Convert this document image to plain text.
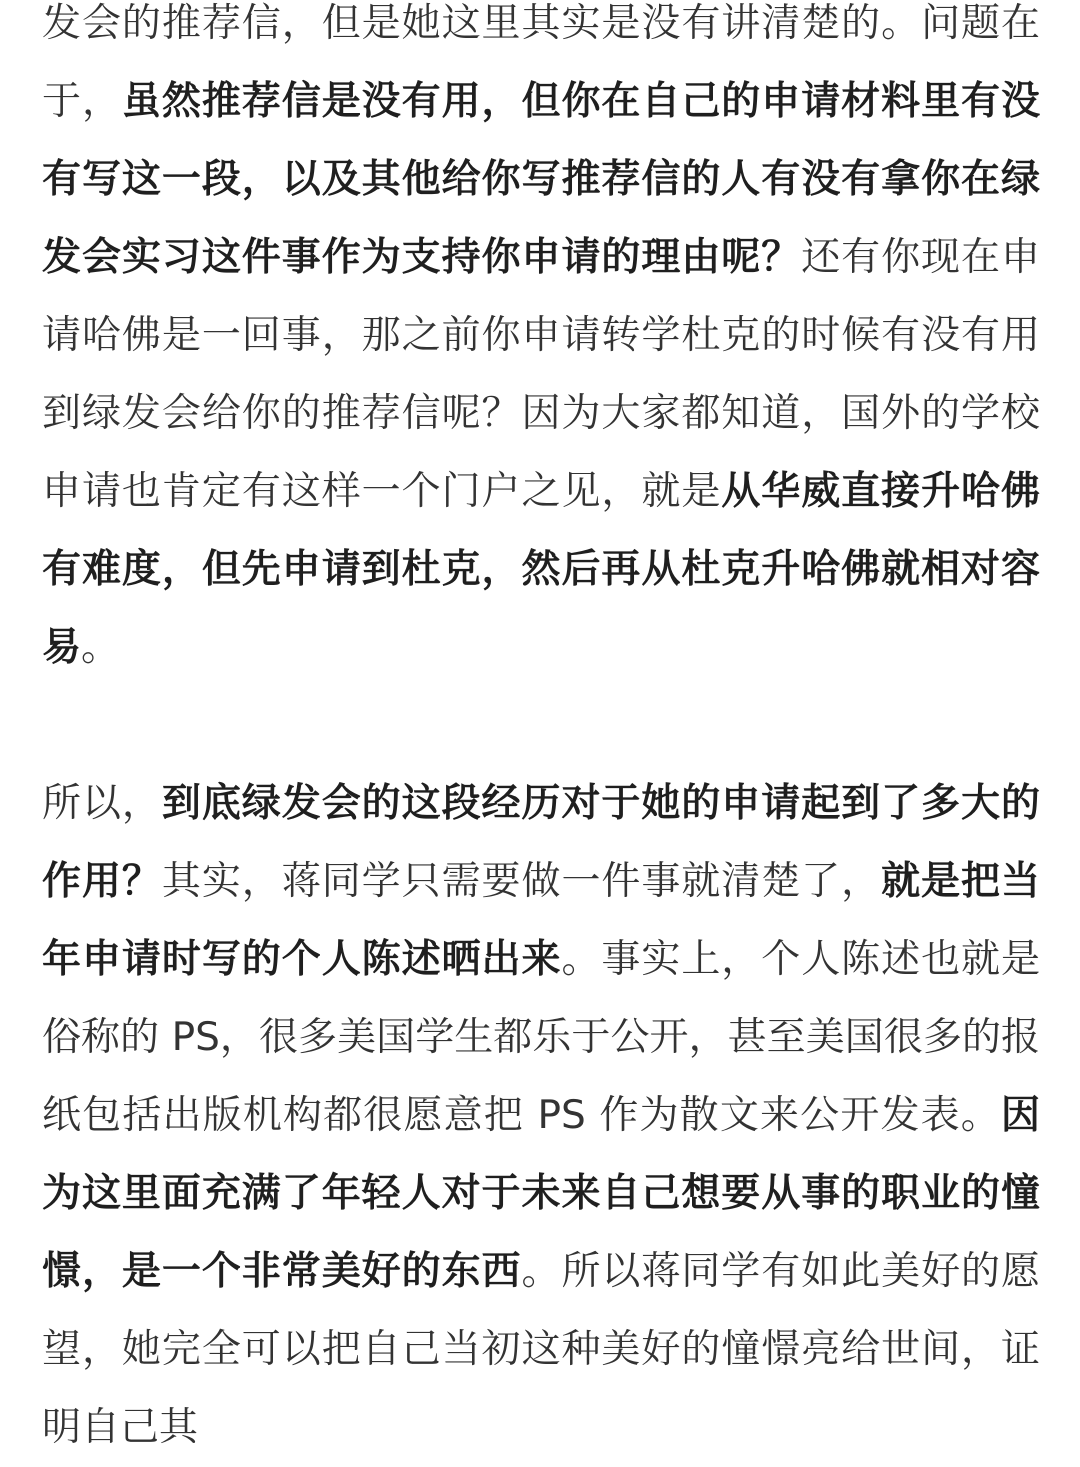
发会的推荐信，但是她这里其实是没有讲清楚的。问题在于，虽然推荐信是没有用，但你在自己的申请材料里有没有写这一段，以及其他给你写推荐信的人有没有拿你在绿发会实习这件事作为支持你申请的理由呢？还有你现在申请哈佛是一回事，那之前你申请转学杜克的时候有没有用到绿发会给你的推荐信呢？因为大家都知道，国外的学校申请也肯定有这样一个门户之见，就是从华威直接升哈佛有难度，但先申请到杜克，然后再从杜克升哈佛就相对容易。

所以，到底绿发会的这段经历对于她的申请起到了多大的作用？其实，蒋同学只需要做一件事就清楚了，就是把当年申请时写的个人陈述晒出来。事实上，个人陈述也就是俗称的 PS，很多美国学生都乐于公开，甚至美国很多的报纸包括出版机构都很愿意把 PS 作为散文来公开发表。因为这里面充满了年轻人对于未来自己想要从事的职业的憧憬，是一个非常美好的东西。所以蒋同学有如此美好的愿望，她完全可以把自己当初这种美好的憧憬亮给世间，证明自己其
